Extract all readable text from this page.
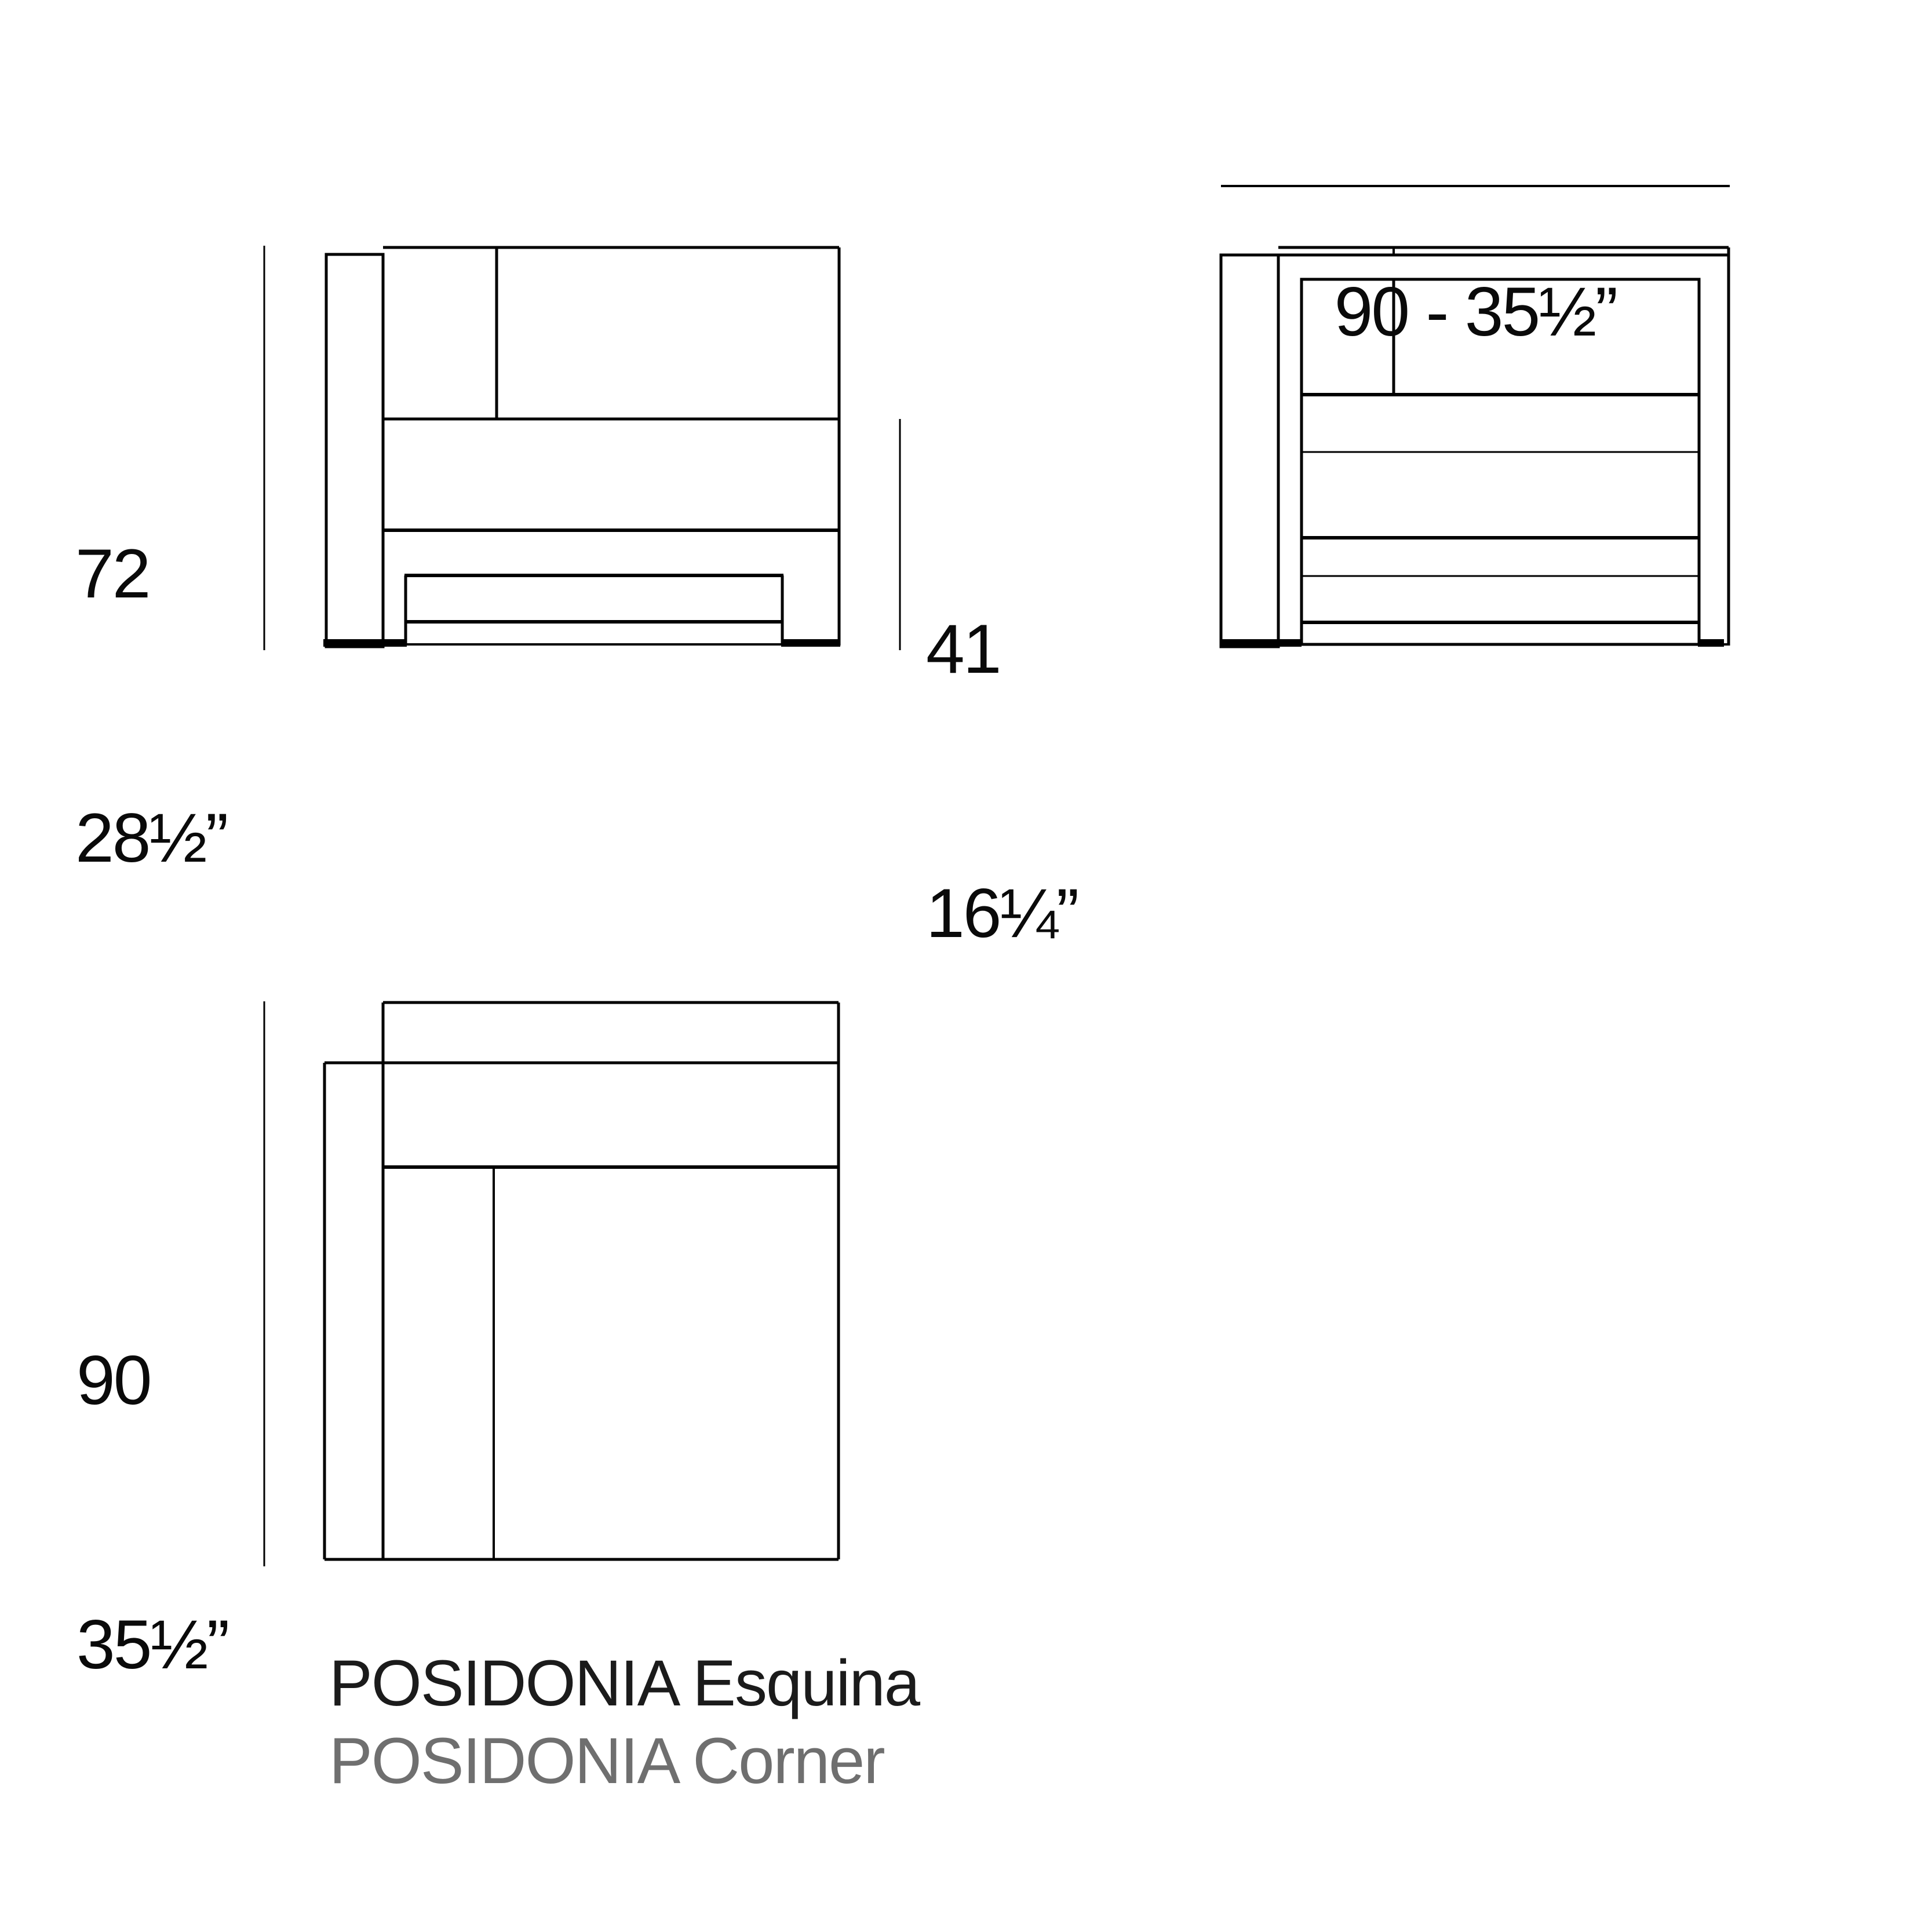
72

28½”

41

16¼”

90 - 35½”

90

35½”

POSIDONIA Esquina
POSIDONIA Corner
